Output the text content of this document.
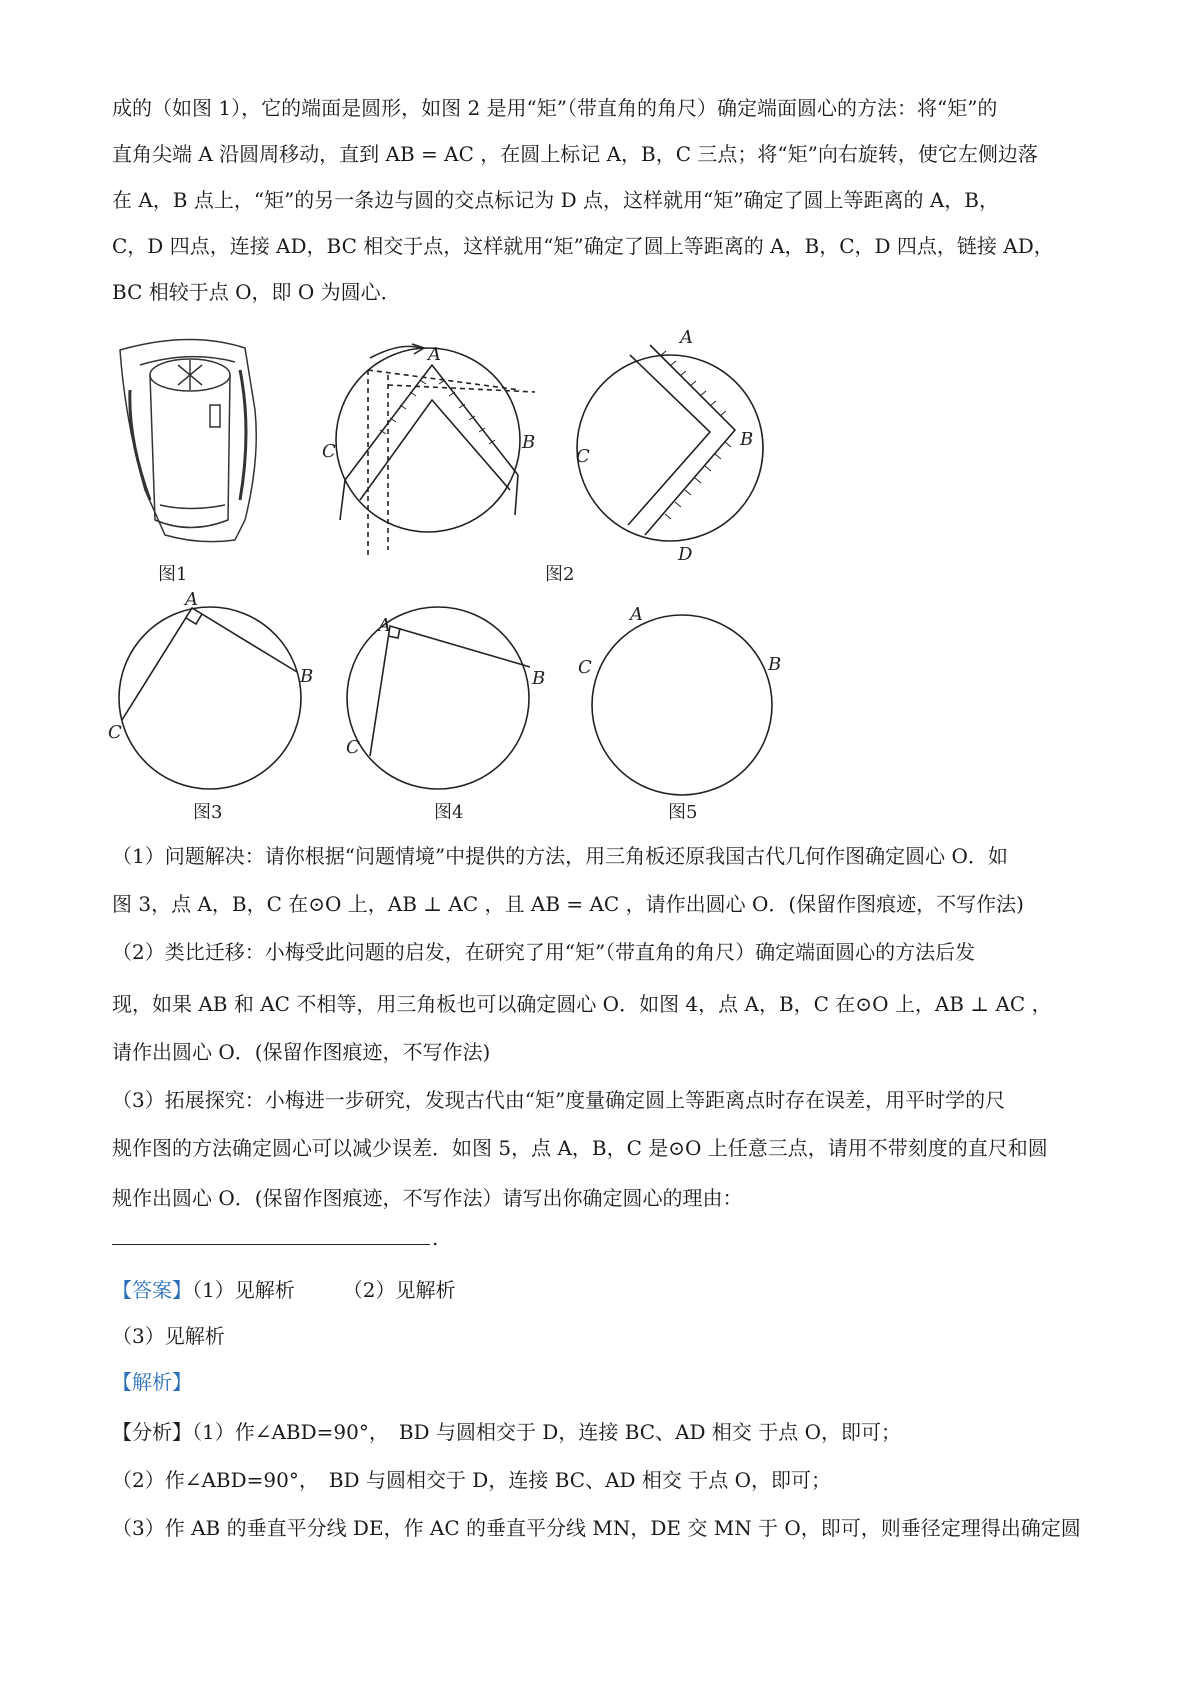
成的（如图 1），它的端面是圆形，如图 2 是用“矩”（带直角的角尺）确定端面圆心的方法：将“矩”的
直角尖端 A 沿圆周移动，直到 AB = AC ，在圆上标记 A，B，C 三点；将“矩”向右旋转，使它左侧边落
在 A，B 点上，“矩”的另一条边与圆的交点标记为 D 点，这样就用“矩”确定了圆上等距离的 A，B，
C，D 四点，连接 AD，BC 相交于点，这样就用“矩”确定了圆上等距离的 A，B，C，D 四点，链接 AD，
BC 相较于点 O，即 O 为圆心．
A
B
C
A
B
C
D
图1	图2
A
B
C
A
B
C
A
B
C
图3	图4	图5
（1）问题解决：请你根据“问题情境”中提供的方法，用三角板还原我国古代几何作图确定圆心 O．如
图 3，点 A，B，C 在⊙O 上，AB ⊥ AC ，且 AB = AC ，请作出圆心 O．(保留作图痕迹，不写作法)
（2）类比迁移：小梅受此问题的启发，在研究了用“矩”（带直角的角尺）确定端面圆心的方法后发
现，如果 AB 和 AC 不相等，用三角板也可以确定圆心 O．如图 4，点 A，B，C 在⊙O 上，AB ⊥ AC ，
请作出圆心 O．(保留作图痕迹，不写作法)
（3）拓展探究：小梅进一步研究，发现古代由“矩”度量确定圆上等距离点时存在误差，用平时学的尺
规作图的方法确定圆心可以减少误差．如图 5，点 A，B，C 是⊙O 上任意三点，请用不带刻度的直尺和圆
规作出圆心 O．(保留作图痕迹，不写作法）请写出你确定圆心的理由：
.
【答案】（1）见解析 （2）见解析
（3）见解析
【解析】
【分析】（1）作∠ABD=90°，　BD 与圆相交于 D，连接 BC、AD 相交 于点 O，即可；
（2）作∠ABD=90°，　BD 与圆相交于 D，连接 BC、AD 相交 于点 O，即可；
（3）作 AB 的垂直平分线 DE，作 AC 的垂直平分线 MN，DE 交 MN 于 O，即可，则垂径定理得出确定圆
